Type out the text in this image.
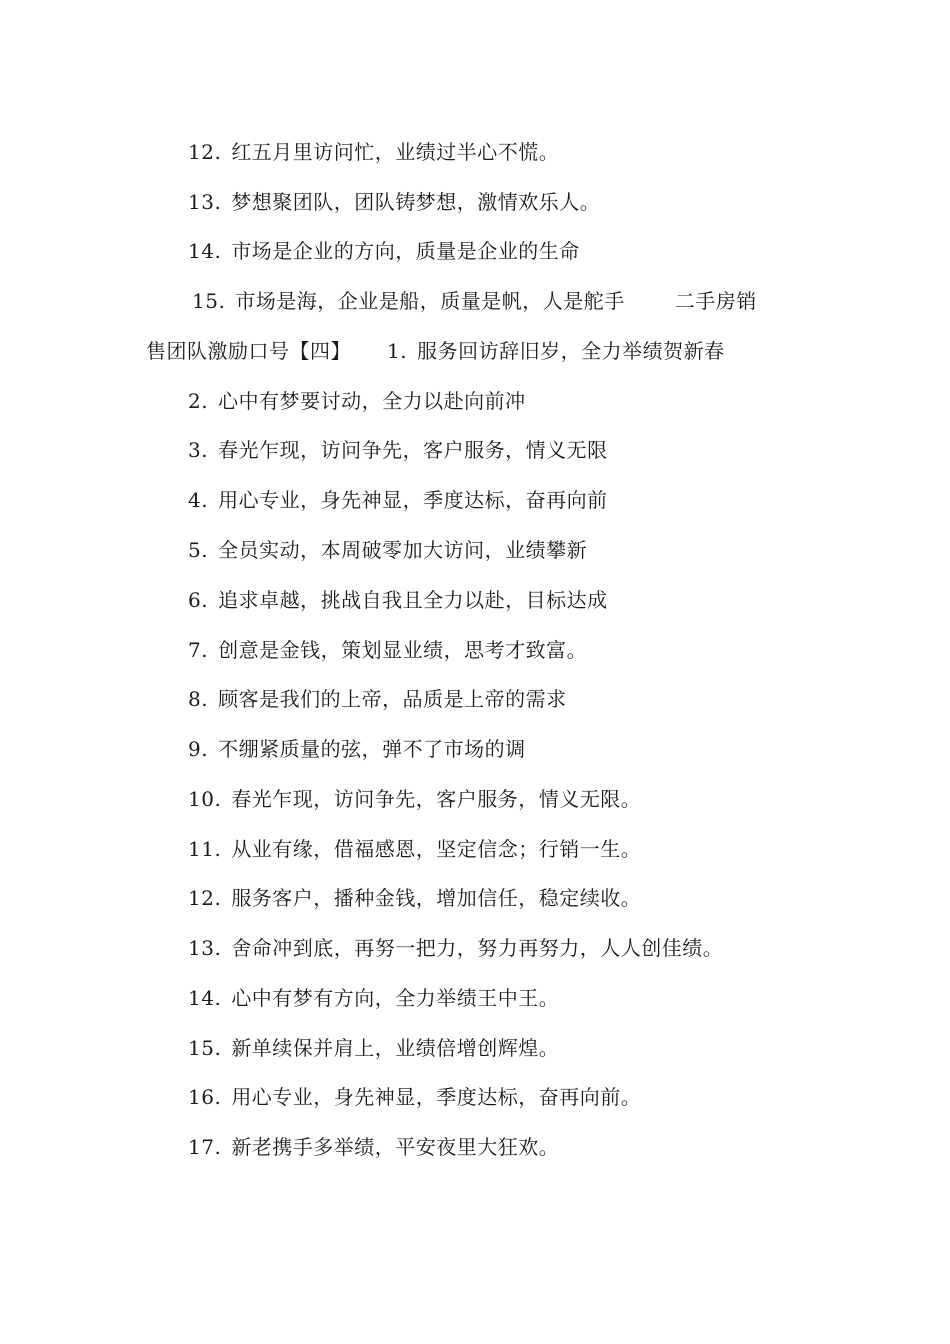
12. 红五月里访问忙，业绩过半心不慌。
13. 梦想聚团队，团队铸梦想，激情欢乐人。
14. 市场是企业的方向，质量是企业的生命
15. 市场是海，企业是船，质量是帆，人是舵手	二手房销
售团队激励口号【四】 1. 服务回访辞旧岁，全力举绩贺新春
2. 心中有梦要讨动，全力以赴向前冲
3. 春光乍现，访问争先，客户服务，情义无限
4. 用心专业，身先神显，季度达标，奋再向前
5. 全员实动，本周破零加大访问，业绩攀新
6. 追求卓越，挑战自我且全力以赴，目标达成
7. 创意是金钱，策划显业绩，思考才致富。
8. 顾客是我们的上帝，品质是上帝的需求
9. 不绷紧质量的弦，弹不了市场的调
10. 春光乍现，访问争先，客户服务，情义无限。
11. 从业有缘，借福感恩，坚定信念；行销一生。
12. 服务客户，播种金钱，增加信任，稳定续收。
13. 舍命冲到底，再努一把力，努力再努力，人人创佳绩。
14. 心中有梦有方向，全力举绩王中王。
15. 新单续保并肩上，业绩倍增创辉煌。
16. 用心专业，身先神显，季度达标，奋再向前。
17. 新老携手多举绩，平安夜里大狂欢。
